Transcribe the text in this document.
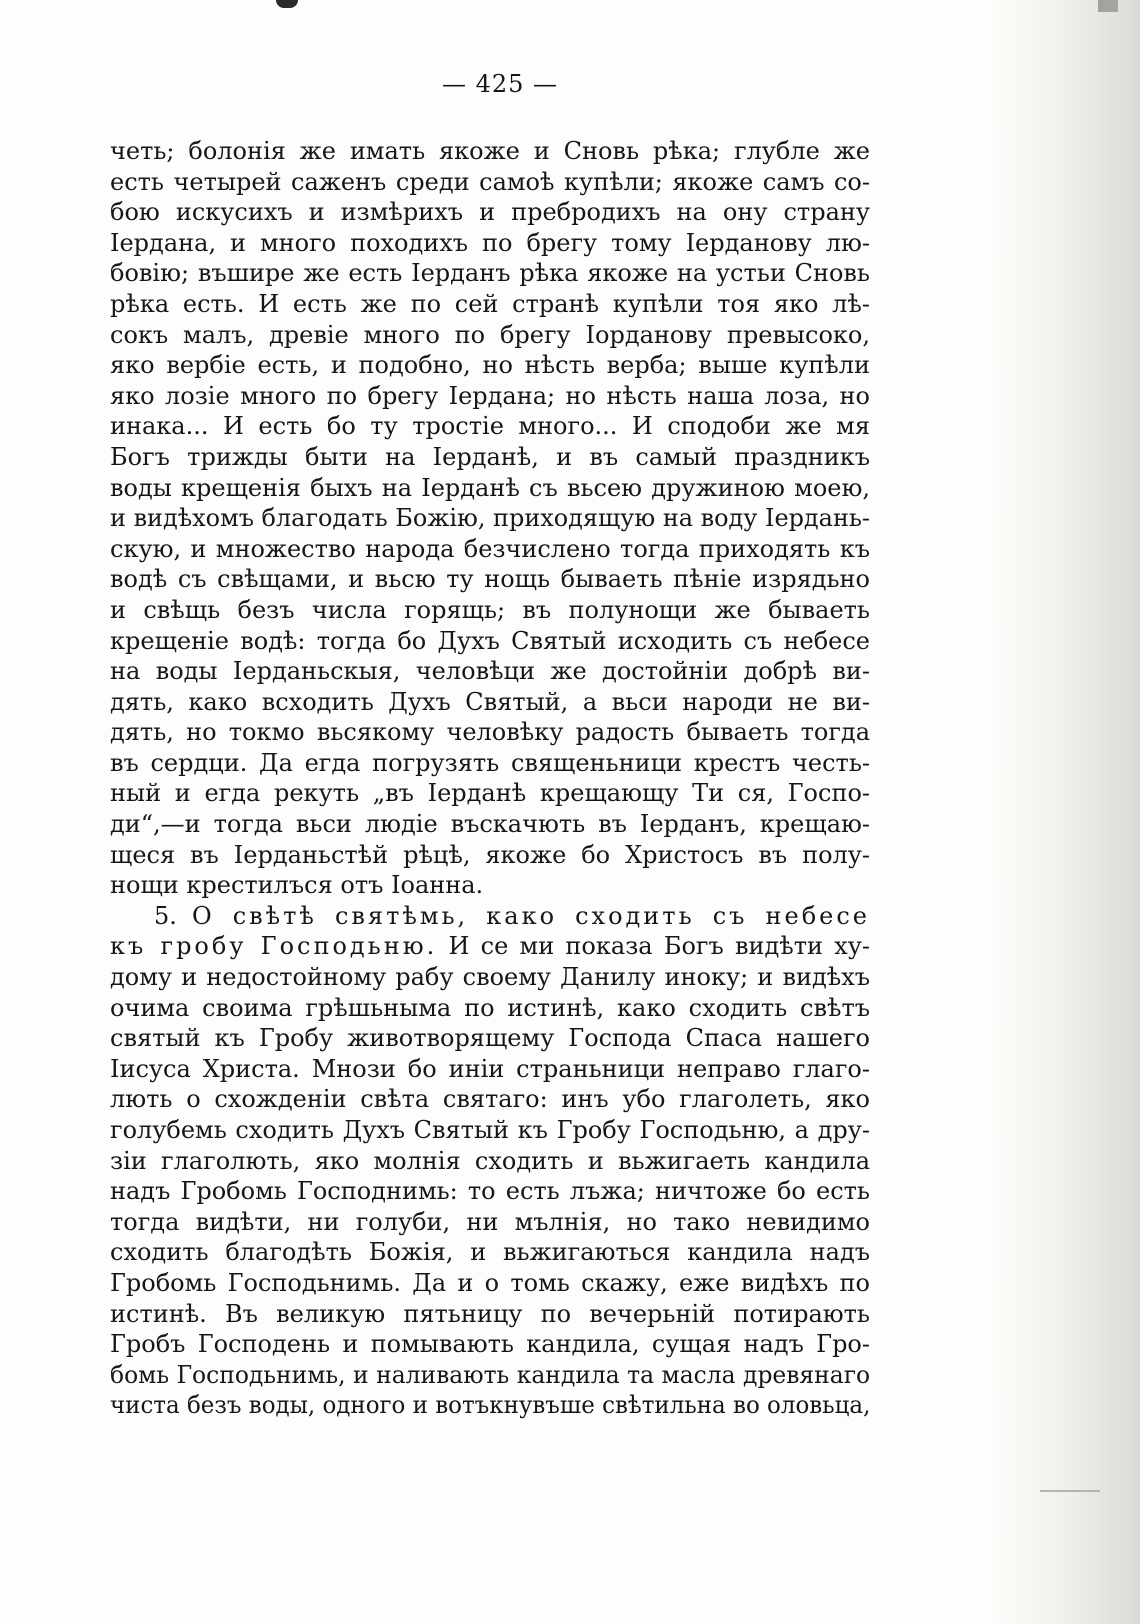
— 425 —
четь; болонія же имать якоже и Сновь рѣка; глубле же
есть четырей саженъ среди самоѣ купѣли; якоже самъ со-
бою искусихъ и измѣрихъ и пребродихъ на ону страну
Іердана, и много походихъ по брегу тому Іерданову лю-
бовію; въшире же есть Іерданъ рѣка якоже на устьи Сновь
рѣка есть. И есть же по сей странѣ купѣли тоя яко лѣ-
сокъ малъ, древіе много по брегу Іорданову превысоко,
яко вербіе есть, и подобно, но нѣсть верба; выше купѣли
яко лозіе много по брегу Іердана; но нѣсть наша лоза, но
инака... И есть бо ту тростіе много... И сподоби же мя
Богъ трижды быти на Іерданѣ, и въ самый праздникъ
воды крещенія быхъ на Іерданѣ съ вьсею дружиною моею,
и видѣхомъ благодать Божію, приходящую на воду Іердань-
скую, и множество народа безчислено тогда приходять къ
водѣ съ свѣщами, и вьсю ту нощь бываеть пѣніе изрядьно
и свѣщь безъ числа горящь; въ полунощи же бываеть
крещеніе водѣ: тогда бо Духъ Святый исходить съ небесе
на воды Іерданьскыя, человѣци же достойніи добрѣ ви-
дять, како всходить Духъ Святый, а вьси народи не ви-
дять, но токмо вьсякому человѣку радость бываеть тогда
въ сердци. Да егда погрузять священьници крестъ честь-
ный и егда рекуть „въ Іерданѣ крещающу Ти ся, Госпо-
ди“,—и тогда вьси людіе въскачють въ Іерданъ, крещаю-
щеся въ Іерданьстѣй рѣцѣ, якоже бо Христосъ въ полу-
нощи крестилъся отъ Іоанна.
5. О свѣтѣ святѣмь, како сходить съ небесе
къ гробу Господьню. И се ми показа Богъ видѣти ху-
дому и недостойному рабу своему Данилу иноку; и видѣхъ
очима своима грѣшьныма по истинѣ, како сходить свѣтъ
святый къ Гробу животворящему Господа Спаса нашего
Іисуса Христа. Мнози бо иніи страньници неправо глаго-
лють о схожденіи свѣта святаго: инъ убо глаголеть, яко
голубемь сходить Духъ Святый къ Гробу Господьню, а дру-
зіи глаголють, яко молнія сходить и вьжигаеть кандила
надъ Гробомь Господнимь: то есть лъжа; ничтоже бо есть
тогда видѣти, ни голуби, ни мълнія, но тако невидимо
сходить благодѣть Божія, и вьжигаються кандила надъ
Гробомь Господьнимь. Да и о томь скажу, еже видѣхъ по
истинѣ. Въ великую пятьницу по вечерьній потирають
Гробъ Господень и помывають кандила, сущая надъ Гро-
бомь Господьнимь, и наливають кандила та масла древянаго
чиста безъ воды, одного и вотъкнувъше свѣтильна во оловьца,
